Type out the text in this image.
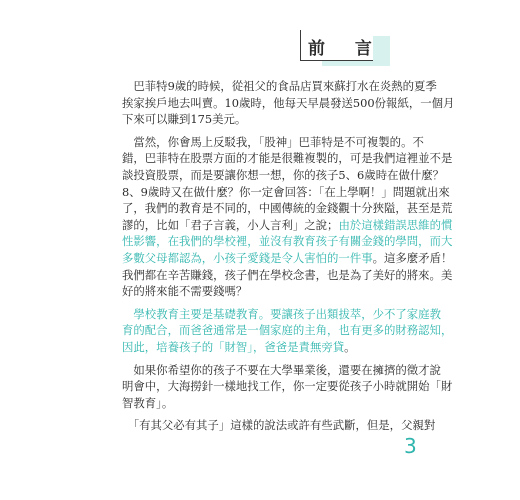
前 言
　巴菲特9歲的時候，從祖父的食品店買來蘇打水在炎熱的夏季
挨家挨戶地去叫賣。10歲時，他每天早晨發送500份報紙，一個月
下來可以賺到175美元。
　當然，你會馬上反駁我，「股神」巴菲特是不可複製的。不
錯，巴菲特在股票方面的才能是很難複製的，可是我們這裡並不是
談投資股票，而是要讓你想一想，你的孩子5、6歲時在做什麼？
8、9歲時又在做什麼？你一定會回答：「在上學啊！」問題就出來
了，我們的教育是不同的，中國傳統的金錢觀十分狹隘，甚至是荒
謬的，比如「君子言義，小人言利」之說；由於這樣錯誤思維的慣
性影響，在我們的學校裡，並沒有教育孩子有關金錢的學問，而大
多數父母都認為，小孩子愛錢是令人害怕的一件事。這多麼矛盾！
我們都在辛苦賺錢，孩子們在學校念書，也是為了美好的將來。美
好的將來能不需要錢嗎？
　學校教育主要是基礎教育。要讓孩子出類拔萃，少不了家庭教
育的配合，而爸爸通常是一個家庭的主角，也有更多的財務認知，
因此，培養孩子的「財智」，爸爸是責無旁貸。
　如果你希望你的孩子不要在大學畢業後，還要在擁擠的徵才說
明會中，大海撈針一樣地找工作，你一定要從孩子小時就開始「財
智教育」。
　「有其父必有其子」這樣的說法或許有些武斷，但是，父親對
3
